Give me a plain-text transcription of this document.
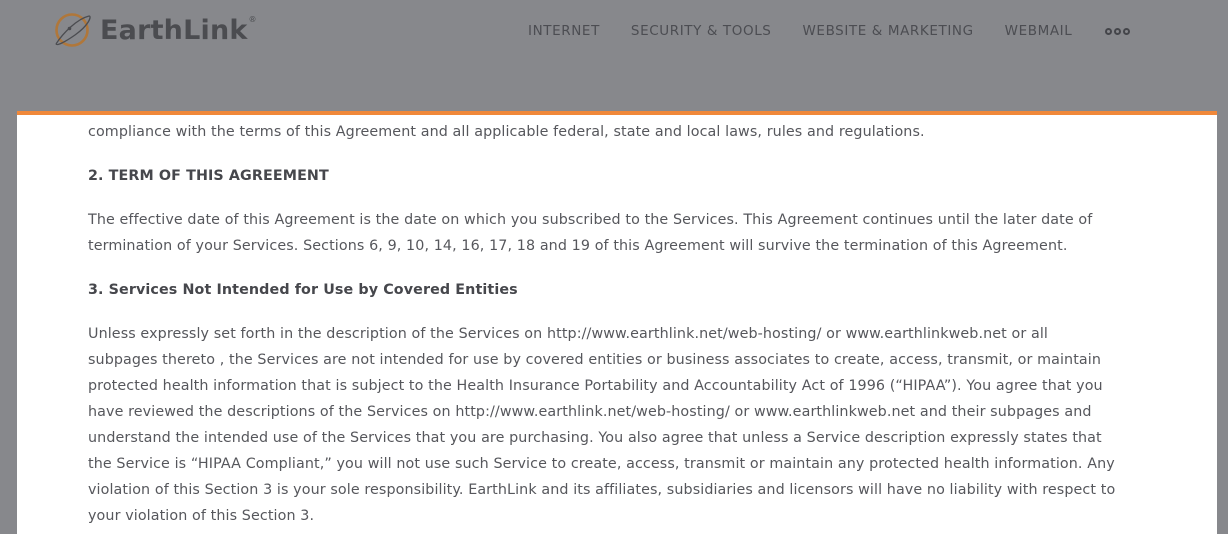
EarthLink ®
INTERNET SECURITY & TOOLS WEBSITE & MARKETING WEBMAIL

compliance with the terms of this Agreement and all applicable federal, state and local laws, rules and regulations.

2. TERM OF THIS AGREEMENT

The effective date of this Agreement is the date on which you subscribed to the Services. This Agreement continues until the later date of
termination of your Services. Sections 6, 9, 10, 14, 16, 17, 18 and 19 of this Agreement will survive the termination of this Agreement.

3. Services Not Intended for Use by Covered Entities

Unless expressly set forth in the description of the Services on http://www.earthlink.net/web-hosting/ or www.earthlinkweb.net or all
subpages thereto , the Services are not intended for use by covered entities or business associates to create, access, transmit, or maintain
protected health information that is subject to the Health Insurance Portability and Accountability Act of 1996 (“HIPAA”). You agree that you
have reviewed the descriptions of the Services on http://www.earthlink.net/web-hosting/ or www.earthlinkweb.net and their subpages and
understand the intended use of the Services that you are purchasing. You also agree that unless a Service description expressly states that
the Service is “HIPAA Compliant,” you will not use such Service to create, access, transmit or maintain any protected health information. Any
violation of this Section 3 is your sole responsibility. EarthLink and its affiliates, subsidiaries and licensors will have no liability with respect to
your violation of this Section 3.
